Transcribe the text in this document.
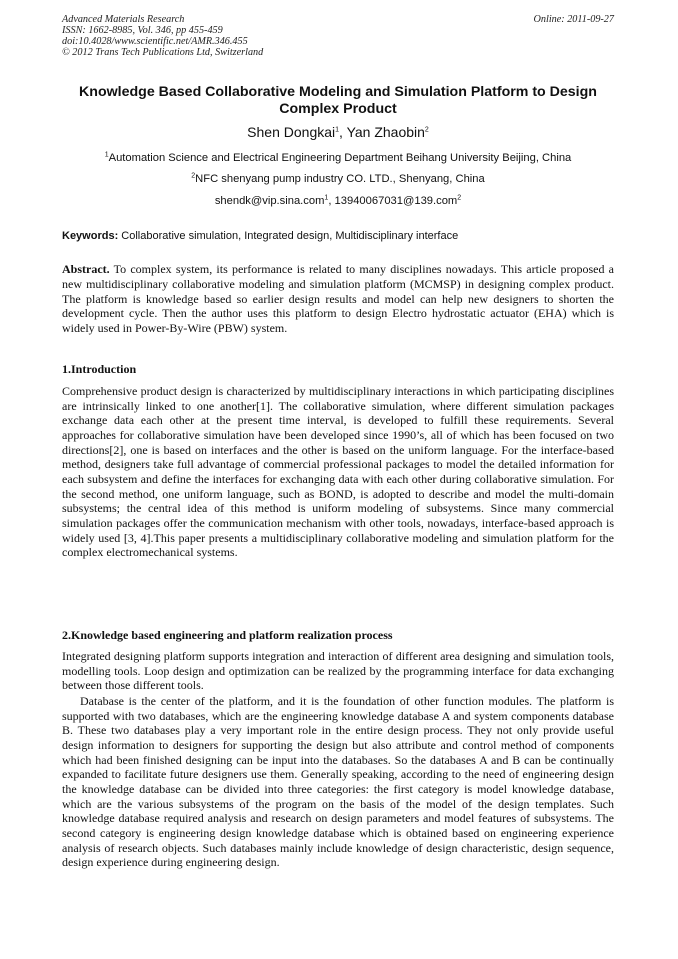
Advanced Materials Research
ISSN: 1662-8985, Vol. 346, pp 455-459
doi:10.4028/www.scientific.net/AMR.346.455
© 2012 Trans Tech Publications Ltd, Switzerland
Online: 2011-09-27
Knowledge Based Collaborative Modeling and Simulation Platform to Design Complex Product
Shen Dongkai$^1$, Yan Zhaobin$^2$
$^1$Automation Science and Electrical Engineering Department Beihang University Beijing, China
$^2$NFC shenyang pump industry CO. LTD., Shenyang, China
shendk@vip.sina.com$^1$, 13940067031@139.com$^2$
Keywords: Collaborative simulation, Integrated design, Multidisciplinary interface
Abstract. To complex system, its performance is related to many disciplines nowadays. This article proposed a new multidisciplinary collaborative modeling and simulation platform (MCMSP) in designing complex product. The platform is knowledge based so earlier design results and model can help new designers to shorten the development cycle. Then the author uses this platform to design Electro hydrostatic actuator (EHA) which is widely used in Power-By-Wire (PBW) system.
1.Introduction
Comprehensive product design is characterized by multidisciplinary interactions in which participating disciplines are intrinsically linked to one another[1]. The collaborative simulation, where different simulation packages exchange data each other at the present time interval, is developed to fulfill these requirements. Several approaches for collaborative simulation have been developed since 1990’s, all of which has been focused on two directions[2], one is based on interfaces and the other is based on the uniform language. For the interface-based method, designers take full advantage of commercial professional packages to model the detailed information for each subsystem and define the interfaces for exchanging data with each other during collaborative simulation. For the second method, one uniform language, such as BOND, is adopted to describe and model the multi-domain subsystems; the central idea of this method is uniform modeling of subsystems. Since many commercial simulation packages offer the communication mechanism with other tools, nowadays, interface-based approach is widely used [3, 4].This paper presents a multidisciplinary collaborative modeling and simulation platform for the complex electromechanical systems.
2.Knowledge based engineering and platform realization process
Integrated designing platform supports integration and interaction of different area designing and simulation tools, modelling tools. Loop design and optimization can be realized by the programming interface for data exchanging between those different tools.
Database is the center of the platform, and it is the foundation of other function modules. The platform is supported with two databases, which are the engineering knowledge database A and system components database B. These two databases play a very important role in the entire design process. They not only provide useful design information to designers for supporting the design but also attribute and control method of components which had been finished designing can be input into the databases. So the databases A and B can be continually expanded to facilitate future designers use them. Generally speaking, according to the need of engineering design the knowledge database can be divided into three categories: the first category is model knowledge database, which are the various subsystems of the program on the basis of the model of the design templates. Such knowledge database required analysis and research on design parameters and model features of subsystems. The second category is engineering design knowledge database which is obtained based on engineering experience analysis of research objects. Such databases mainly include knowledge of design characteristic, design sequence, design experience during engineering design.
